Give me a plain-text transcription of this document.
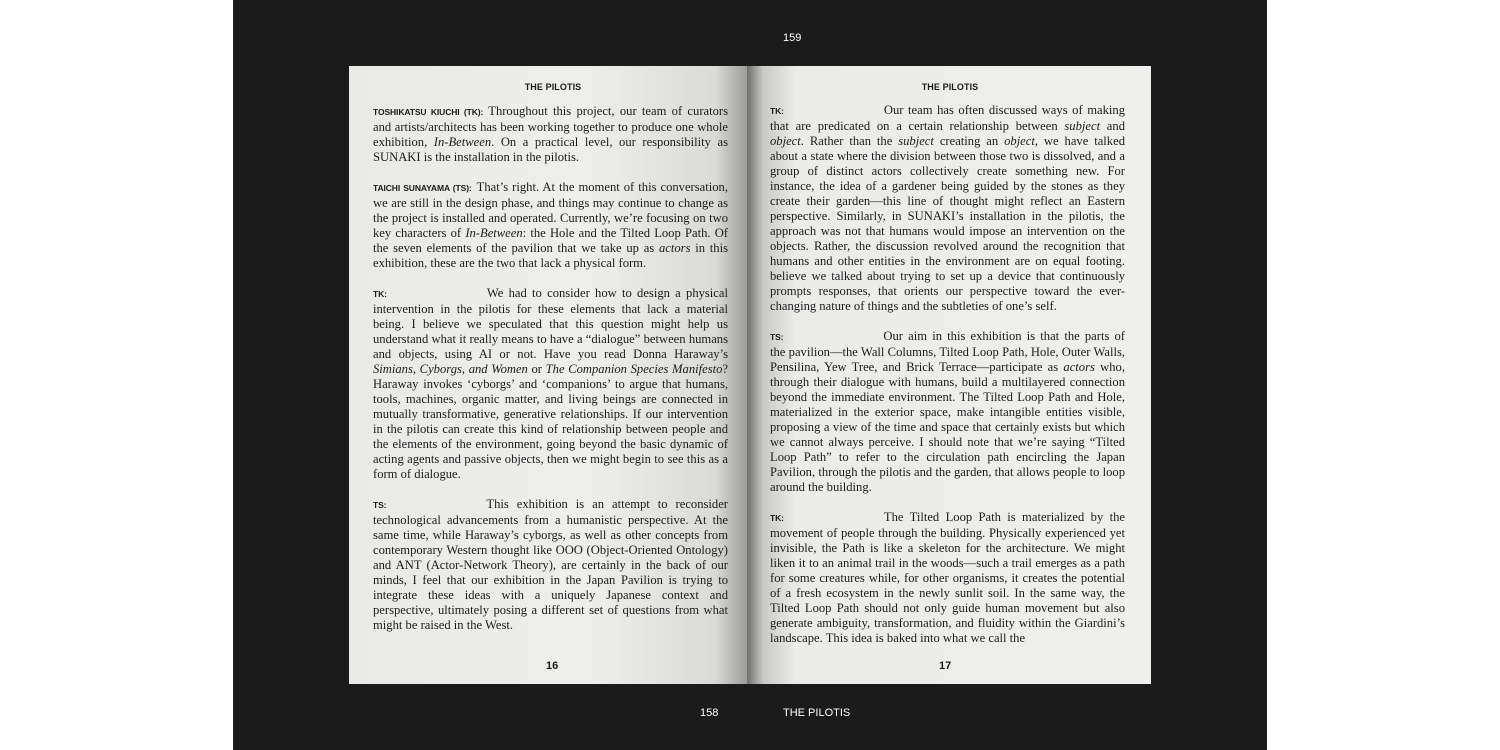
159
THE PILOTIS
TOSHIKATSU KIUCHI (TK): Throughout this project, our team of curators and artists/architects has been working together to produce one whole exhibition, In-Between. On a practical level, our responsibility as SUNAKI is the installation in the pilotis.
TAICHI SUNAYAMA (TS): That’s right. At the moment of this conversation, we are still in the design phase, and things may continue to change as the project is installed and operated. Currently, we’re focusing on two key characters of In-Between: the Hole and the Tilted Loop Path. Of the seven elements of the pavilion that we take up as actors in this exhibition, these are the two that lack a physical form.
TK:	We had to consider how to design a physical intervention in the pilotis for these elements that lack a material being. I believe we speculated that this question might help us understand what it really means to have a “dialogue” between humans and objects, using AI or not. Have you read Donna Haraway’s Simians, Cyborgs, and Women or The Companion Species Manifesto? Haraway invokes ‘cyborgs’ and ‘companions’ to argue that humans, tools, machines, organic matter, and living beings are connected in mutually transformative, generative relationships. If our intervention in the pilotis can create this kind of relationship between people and the elements of the environment, going beyond the basic dynamic of acting agents and passive objects, then we might begin to see this as a form of dialogue.
TS:	This exhibition is an attempt to reconsider technological advancements from a humanistic perspective. At the same time, while Haraway’s cyborgs, as well as other concepts from contemporary Western thought like OOO (Object-Oriented Ontology) and ANT (Actor-Network Theory), are certainly in the back of our minds, I feel that our exhibition in the Japan Pavilion is trying to integrate these ideas with a uniquely Japanese context and perspective, ultimately posing a different set of questions from what might be raised in the West.
16
THE PILOTIS
TK:	Our team has often discussed ways of making that are predicated on a certain relationship between subject and object. Rather than the subject creating an object, we have talked about a state where the division between those two is dissolved, and a group of distinct actors collectively create something new. For instance, the idea of a gardener being guided by the stones as they create their garden—this line of thought might reflect an Eastern perspective. Similarly, in SUNAKI’s installation in the pilotis, the approach was not that humans would impose an intervention on the objects. Rather, the discussion revolved around the recognition that humans and other entities in the environment are on equal footing. believe we talked about trying to set up a device that continuously prompts responses, that orients our perspective toward the ever-changing nature of things and the subtleties of one’s self.
TS:	Our aim in this exhibition is that the parts of the pavilion—the Wall Columns, Tilted Loop Path, Hole, Outer Walls, Pensilina, Yew Tree, and Brick Terrace—participate as actors who, through their dialogue with humans, build a multilayered connection beyond the immediate environment. The Tilted Loop Path and Hole, materialized in the exterior space, make intangible entities visible, proposing a view of the time and space that certainly exists but which we cannot always perceive. I should note that we’re saying “Tilted Loop Path” to refer to the circulation path encircling the Japan Pavilion, through the pilotis and the garden, that allows people to loop around the building.
TK:	The Tilted Loop Path is materialized by the movement of people through the building. Physically experienced yet invisible, the Path is like a skeleton for the architecture. We might liken it to an animal trail in the woods—such a trail emerges as a path for some creatures while, for other organisms, it creates the potential of a fresh ecosystem in the newly sunlit soil. In the same way, the Tilted Loop Path should not only guide human movement but also generate ambiguity, transformation, and fluidity within the Giardini’s landscape. This idea is baked into what we call the
17
158	THE PILOTIS
